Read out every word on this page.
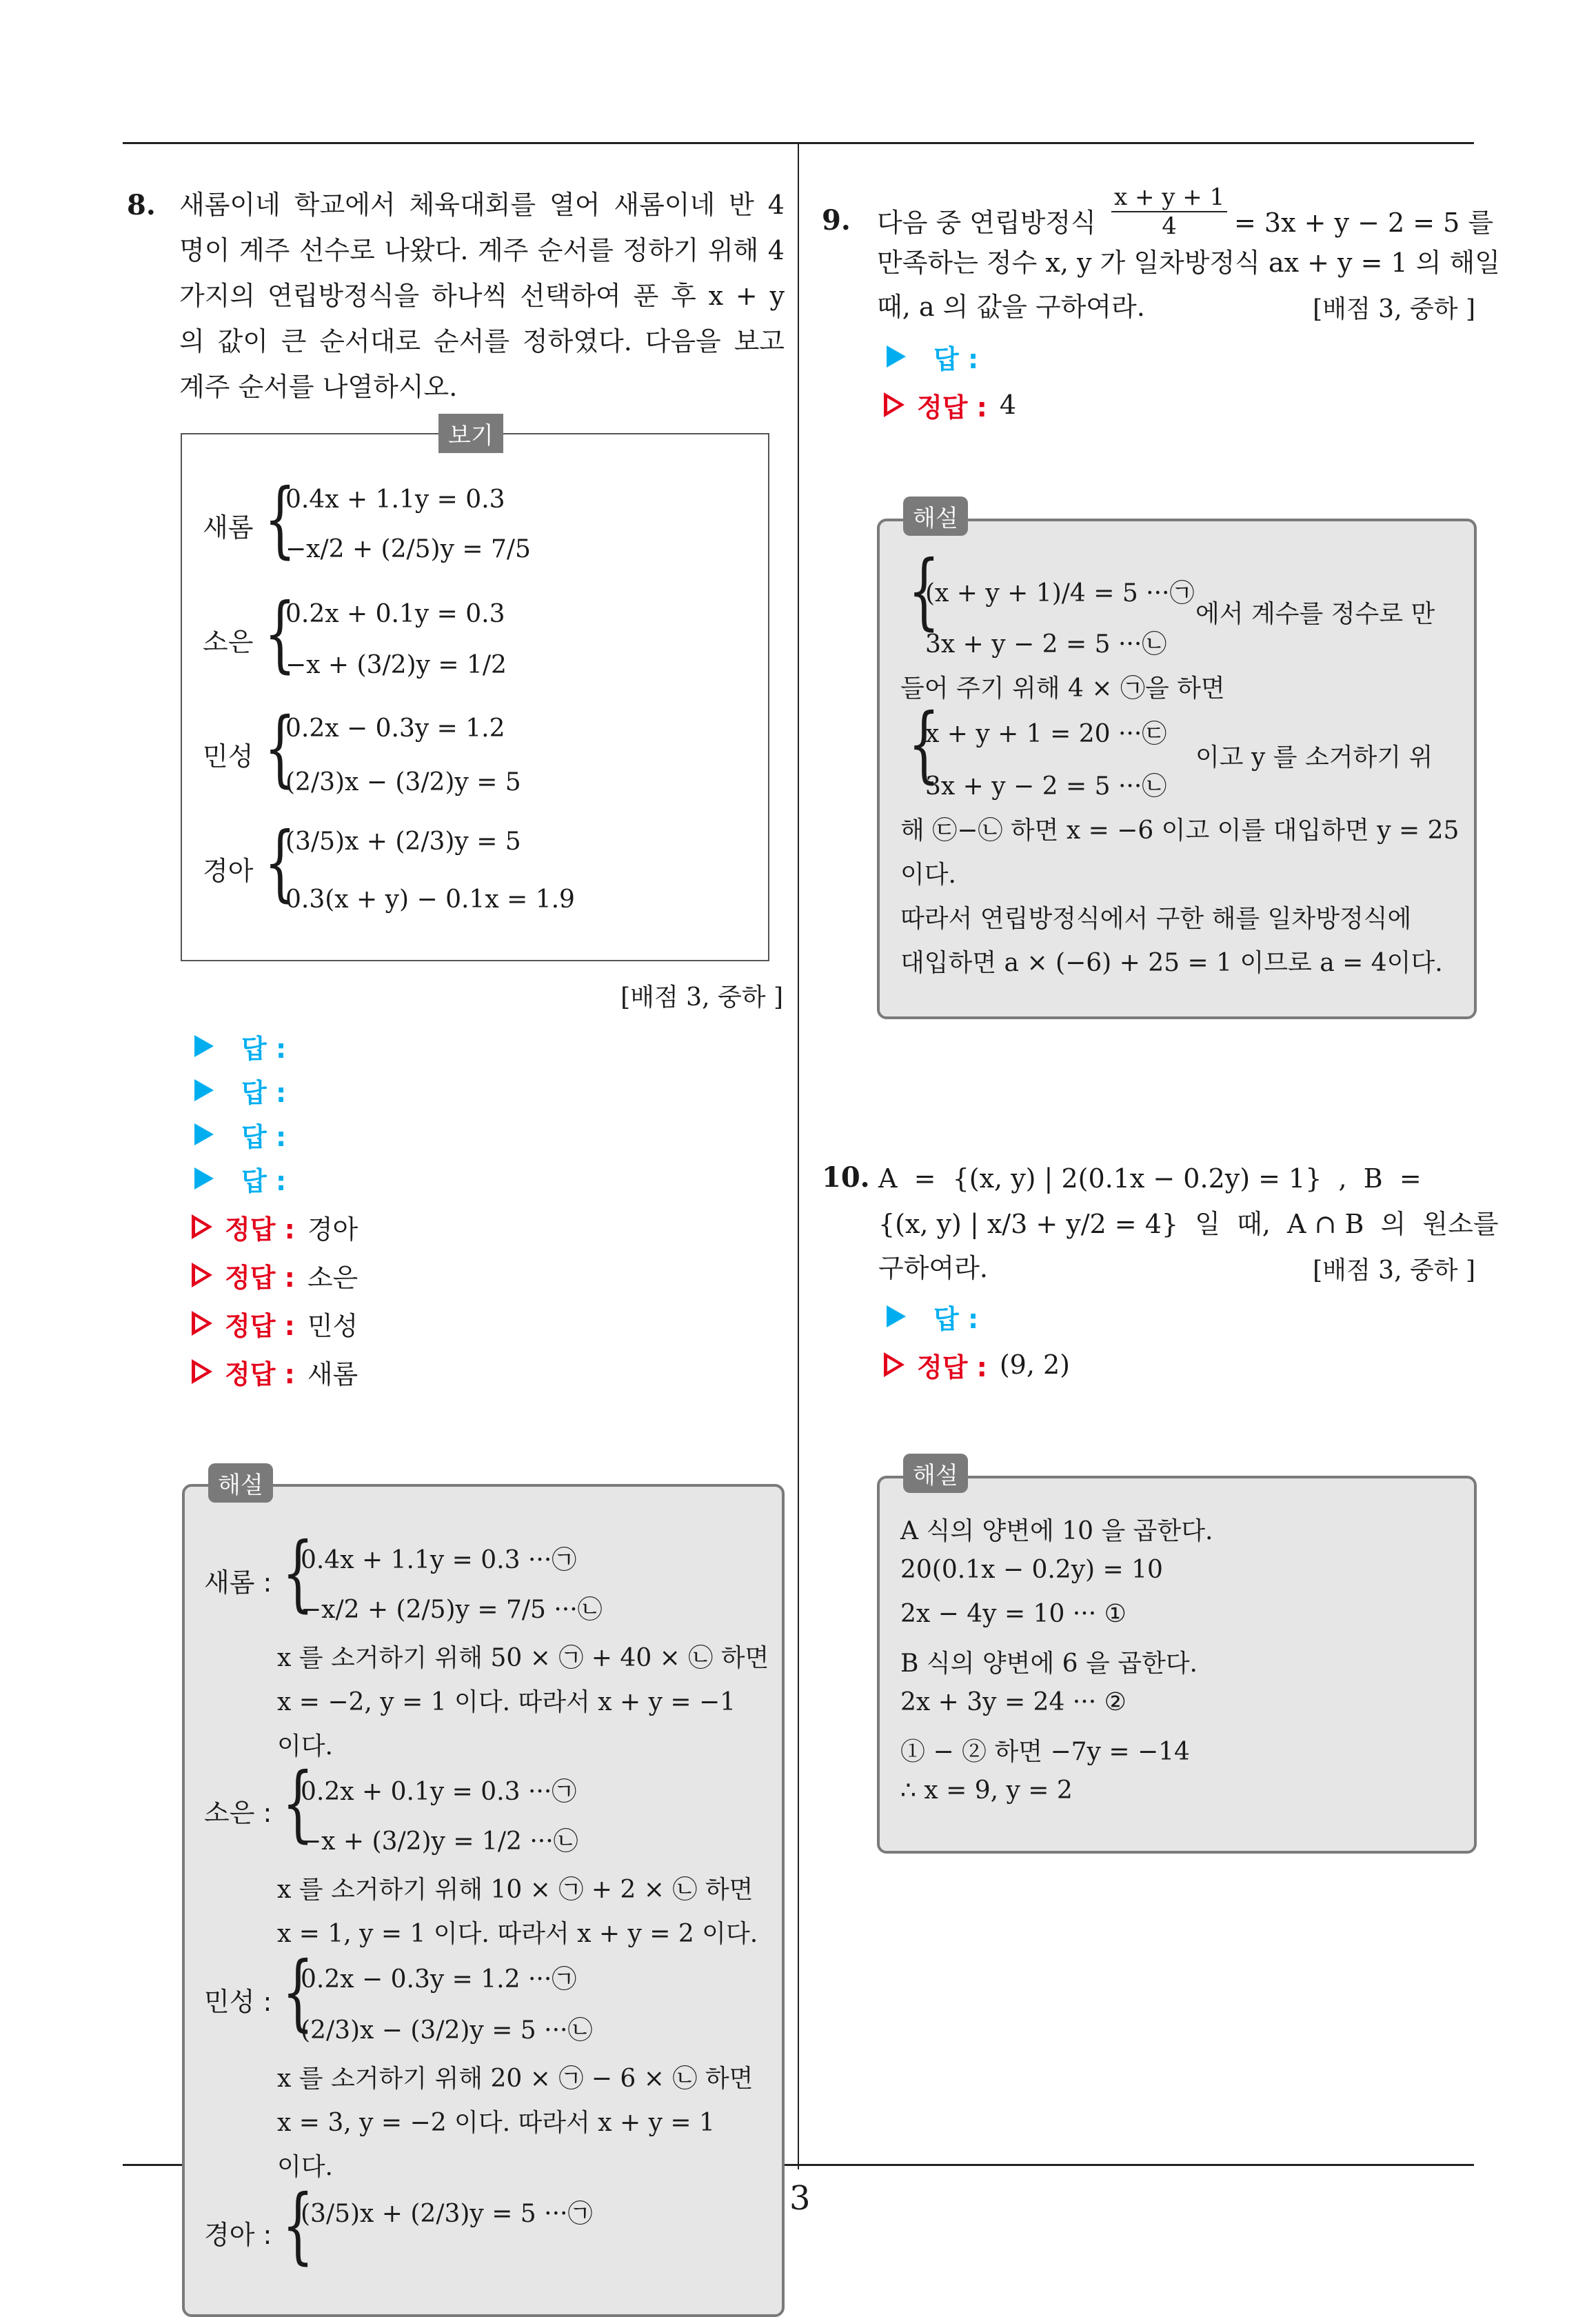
3
8. 새롬이네 학교에서 체육대회를 열어 새롬이네 반 4 명이 계주 선수로 나왔다. 계주 순서를 정하기 위해 4 가지의 연립방정식을 하나씩 선택하여 푼 후 x + y 의 값이 큰 순서대로 순서를 정하였다. 다음을 보고 계주 순서를 나열하시오.
보기
새롬 {
0.4x + 1.1y = 0.3
−x/2 + (2/5)y = 7/5
소은 {
0.2x + 0.1y = 0.3
−x + (3/2)y = 1/2
민성 {
0.2x − 0.3y = 1.2
(2/3)x − (3/2)y = 5
경아 {
(3/5)x + (2/3)y = 5
0.3(x + y) − 0.1x = 1.9
[배점 3, 중하 ]
답 :
답 :
답 :
답 :
정답 : 경아
정답 : 소은
정답 : 민성
정답 : 새롬
해설
새롬 : {
0.4x + 1.1y = 0.3 ···㉠
−x/2 + (2/5)y = 7/5 ···㉡
x 를 소거하기 위해 50 × ㉠ + 40 × ㉡ 하면
x = −2, y = 1 이다. 따라서 x + y = −1
이다.
소은 : {
0.2x + 0.1y = 0.3 ···㉠
−x + (3/2)y = 1/2 ···㉡
x 를 소거하기 위해 10 × ㉠ + 2 × ㉡ 하면
x = 1, y = 1 이다. 따라서 x + y = 2 이다.
민성 : {
0.2x − 0.3y = 1.2 ···㉠
(2/3)x − (3/2)y = 5 ···㉡
x 를 소거하기 위해 20 × ㉠ − 6 × ㉡ 하면
x = 3, y = −2 이다. 따라서 x + y = 1
이다.
경아 : {
(3/5)x + (2/3)y = 5 ···㉠
9. 다음 중 연립방정식 $\frac{x + y + 1}{4} = 3x + y - 2 = 5$ 를
만족하는 정수 x, y 가 일차방정식 ax + y = 1 의 해일
때, a 의 값을 구하여라.	[배점 3, 중하 ]
답 :
정답 : 4
해설
{
(x + y + 1)/4 = 5 ···㉠
3x + y − 2 = 5 ···㉡
에서 계수를 정수로 만
들어 주기 위해 4 × ㉠을 하면
{
x + y + 1 = 20 ···㉢
3x + y − 2 = 5 ···㉡
이고 y 를 소거하기 위
해 ㉢−㉡ 하면 x = −6 이고 이를 대입하면 y = 25
이다.
따라서 연립방정식에서 구한 해를 일차방정식에
대입하면 a × (−6) + 25 = 1 이므로 a = 4이다.
10. A  =  {(x, y) | 2(0.1x − 0.2y) = 1}  ,  B  =
{(x, y) | x/3 + y/2 = 4}  일  때,  A ∩ B  의  원소를
구하여라.	[배점 3, 중하 ]
답 :
정답 : (9, 2)
해설
A 식의 양변에 10 을 곱한다.
20(0.1x − 0.2y) = 10
2x − 4y = 10 ··· ①
B 식의 양변에 6 을 곱한다.
2x + 3y = 24 ··· ②
① − ② 하면 −7y = −14
∴ x = 9, y = 2
